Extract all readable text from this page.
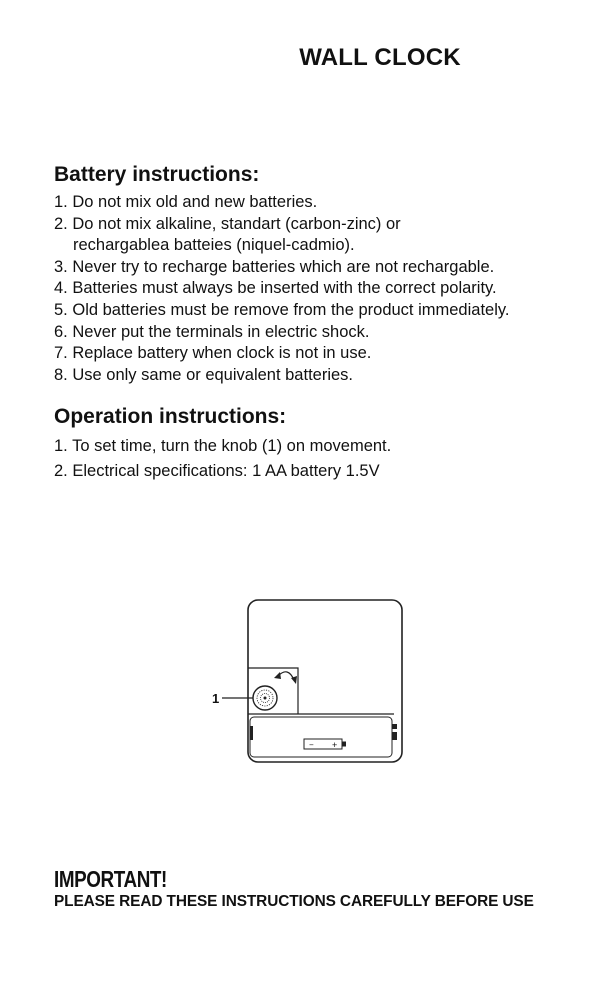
WALL CLOCK
Battery instructions:
1. Do not mix old and new batteries.
2. Do not mix alkaline, standart (carbon-zinc) or
rechargablea batteies (niquel-cadmio).
3. Never try to recharge batteries which are not rechargable.
4. Batteries must always be inserted with the correct polarity.
5. Old batteries must be remove from the product immediately.
6. Never put the terminals in electric shock.
7. Replace battery when clock is not in use.
8. Use only same or equivalent batteries.
Operation instructions:
1. To set time, turn the knob (1) on movement.
2. Electrical specifications: 1 AA battery 1.5V
1
− +
IMPORTANT!
PLEASE READ THESE INSTRUCTIONS CAREFULLY BEFORE USE
